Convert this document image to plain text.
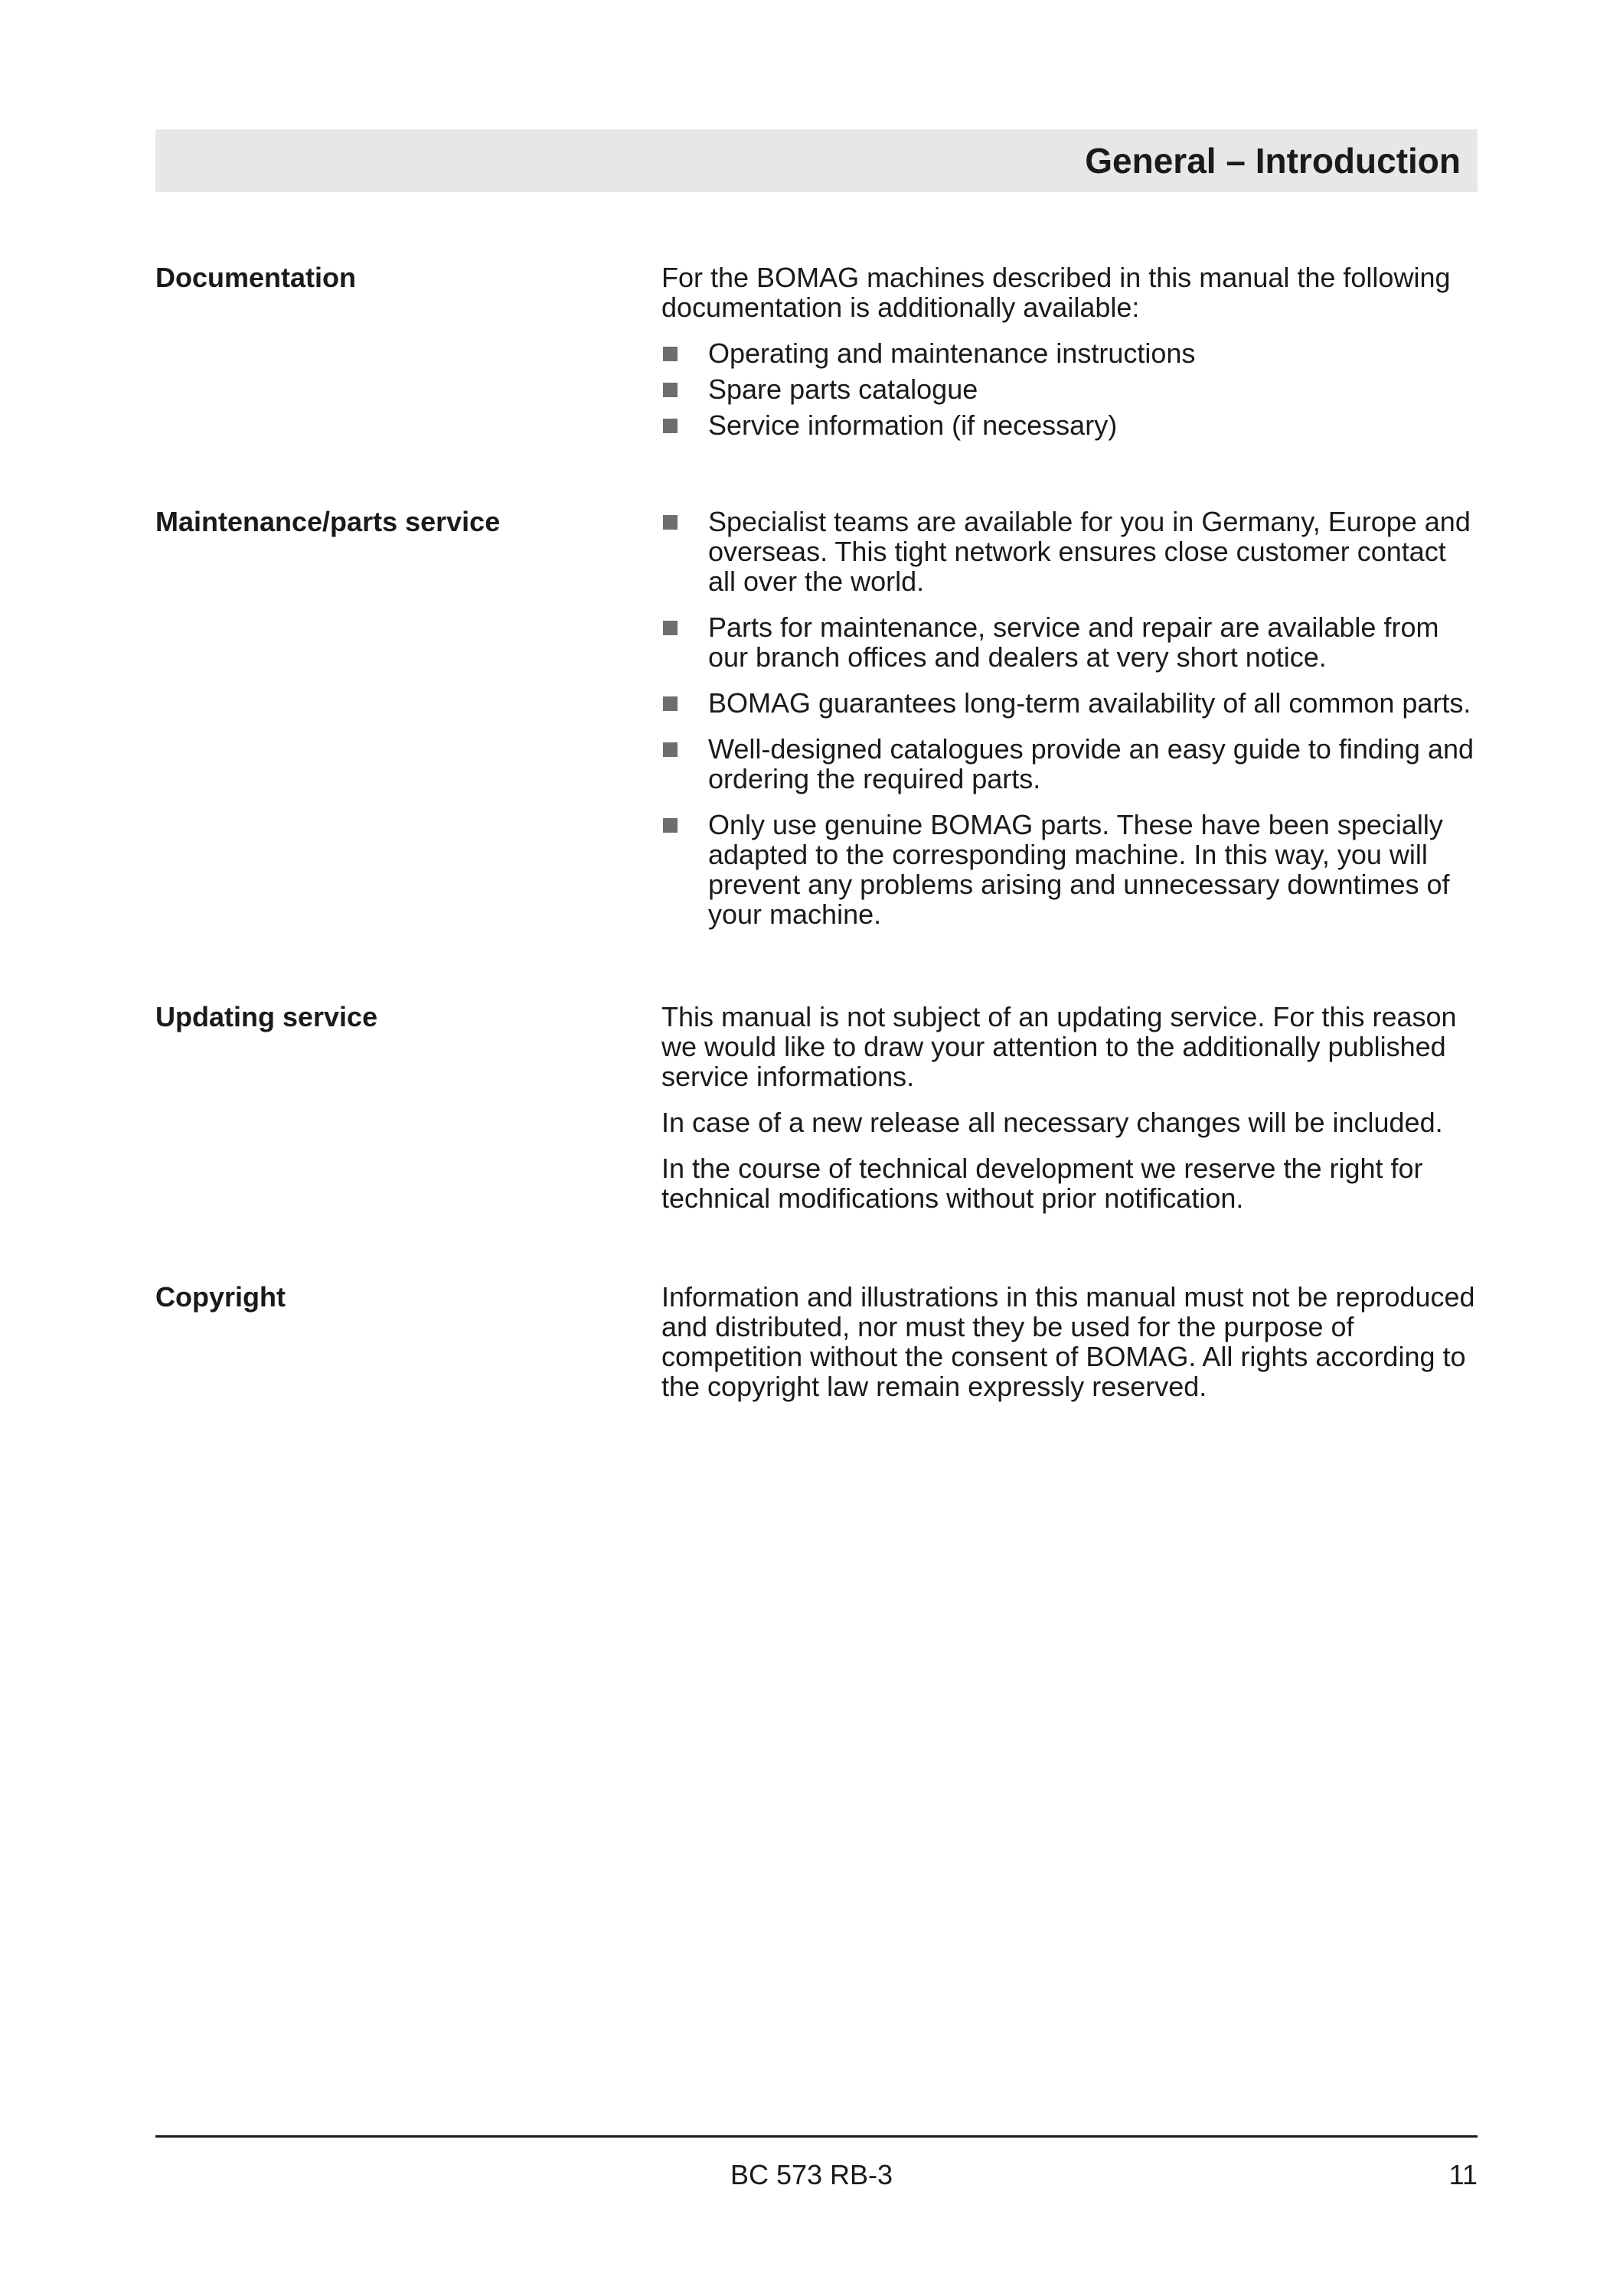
General – Introduction
Documentation	For the BOMAG machines described in this manual the following documentation is additionally available:

Operating and maintenance instructions
Spare parts catalogue
Service information (if necessary)
Maintenance/parts service	Specialist teams are available for you in Germany, Europe and overseas. This tight network ensures close customer contact all over the world.
Parts for maintenance, service and repair are available from our branch offices and dealers at very short notice.
BOMAG guarantees long-term availability of all common parts.
Well-designed catalogues provide an easy guide to finding and ordering the required parts.
Only use genuine BOMAG parts. These have been specially adapted to the corresponding machine. In this way, you will prevent any problems arising and unnecessary downtimes of your machine.
Updating service	This manual is not subject of an updating service. For this reason we would like to draw your attention to the additionally published service informations.

In case of a new release all necessary changes will be included.

In the course of technical development we reserve the right for technical modifications without prior notification.

Copyright	Information and illustrations in this manual must not be reproduced and distributed, nor must they be used for the purpose of competition without the consent of BOMAG. All rights according to the copyright law remain expressly reserved.

BC 573 RB-3	11
